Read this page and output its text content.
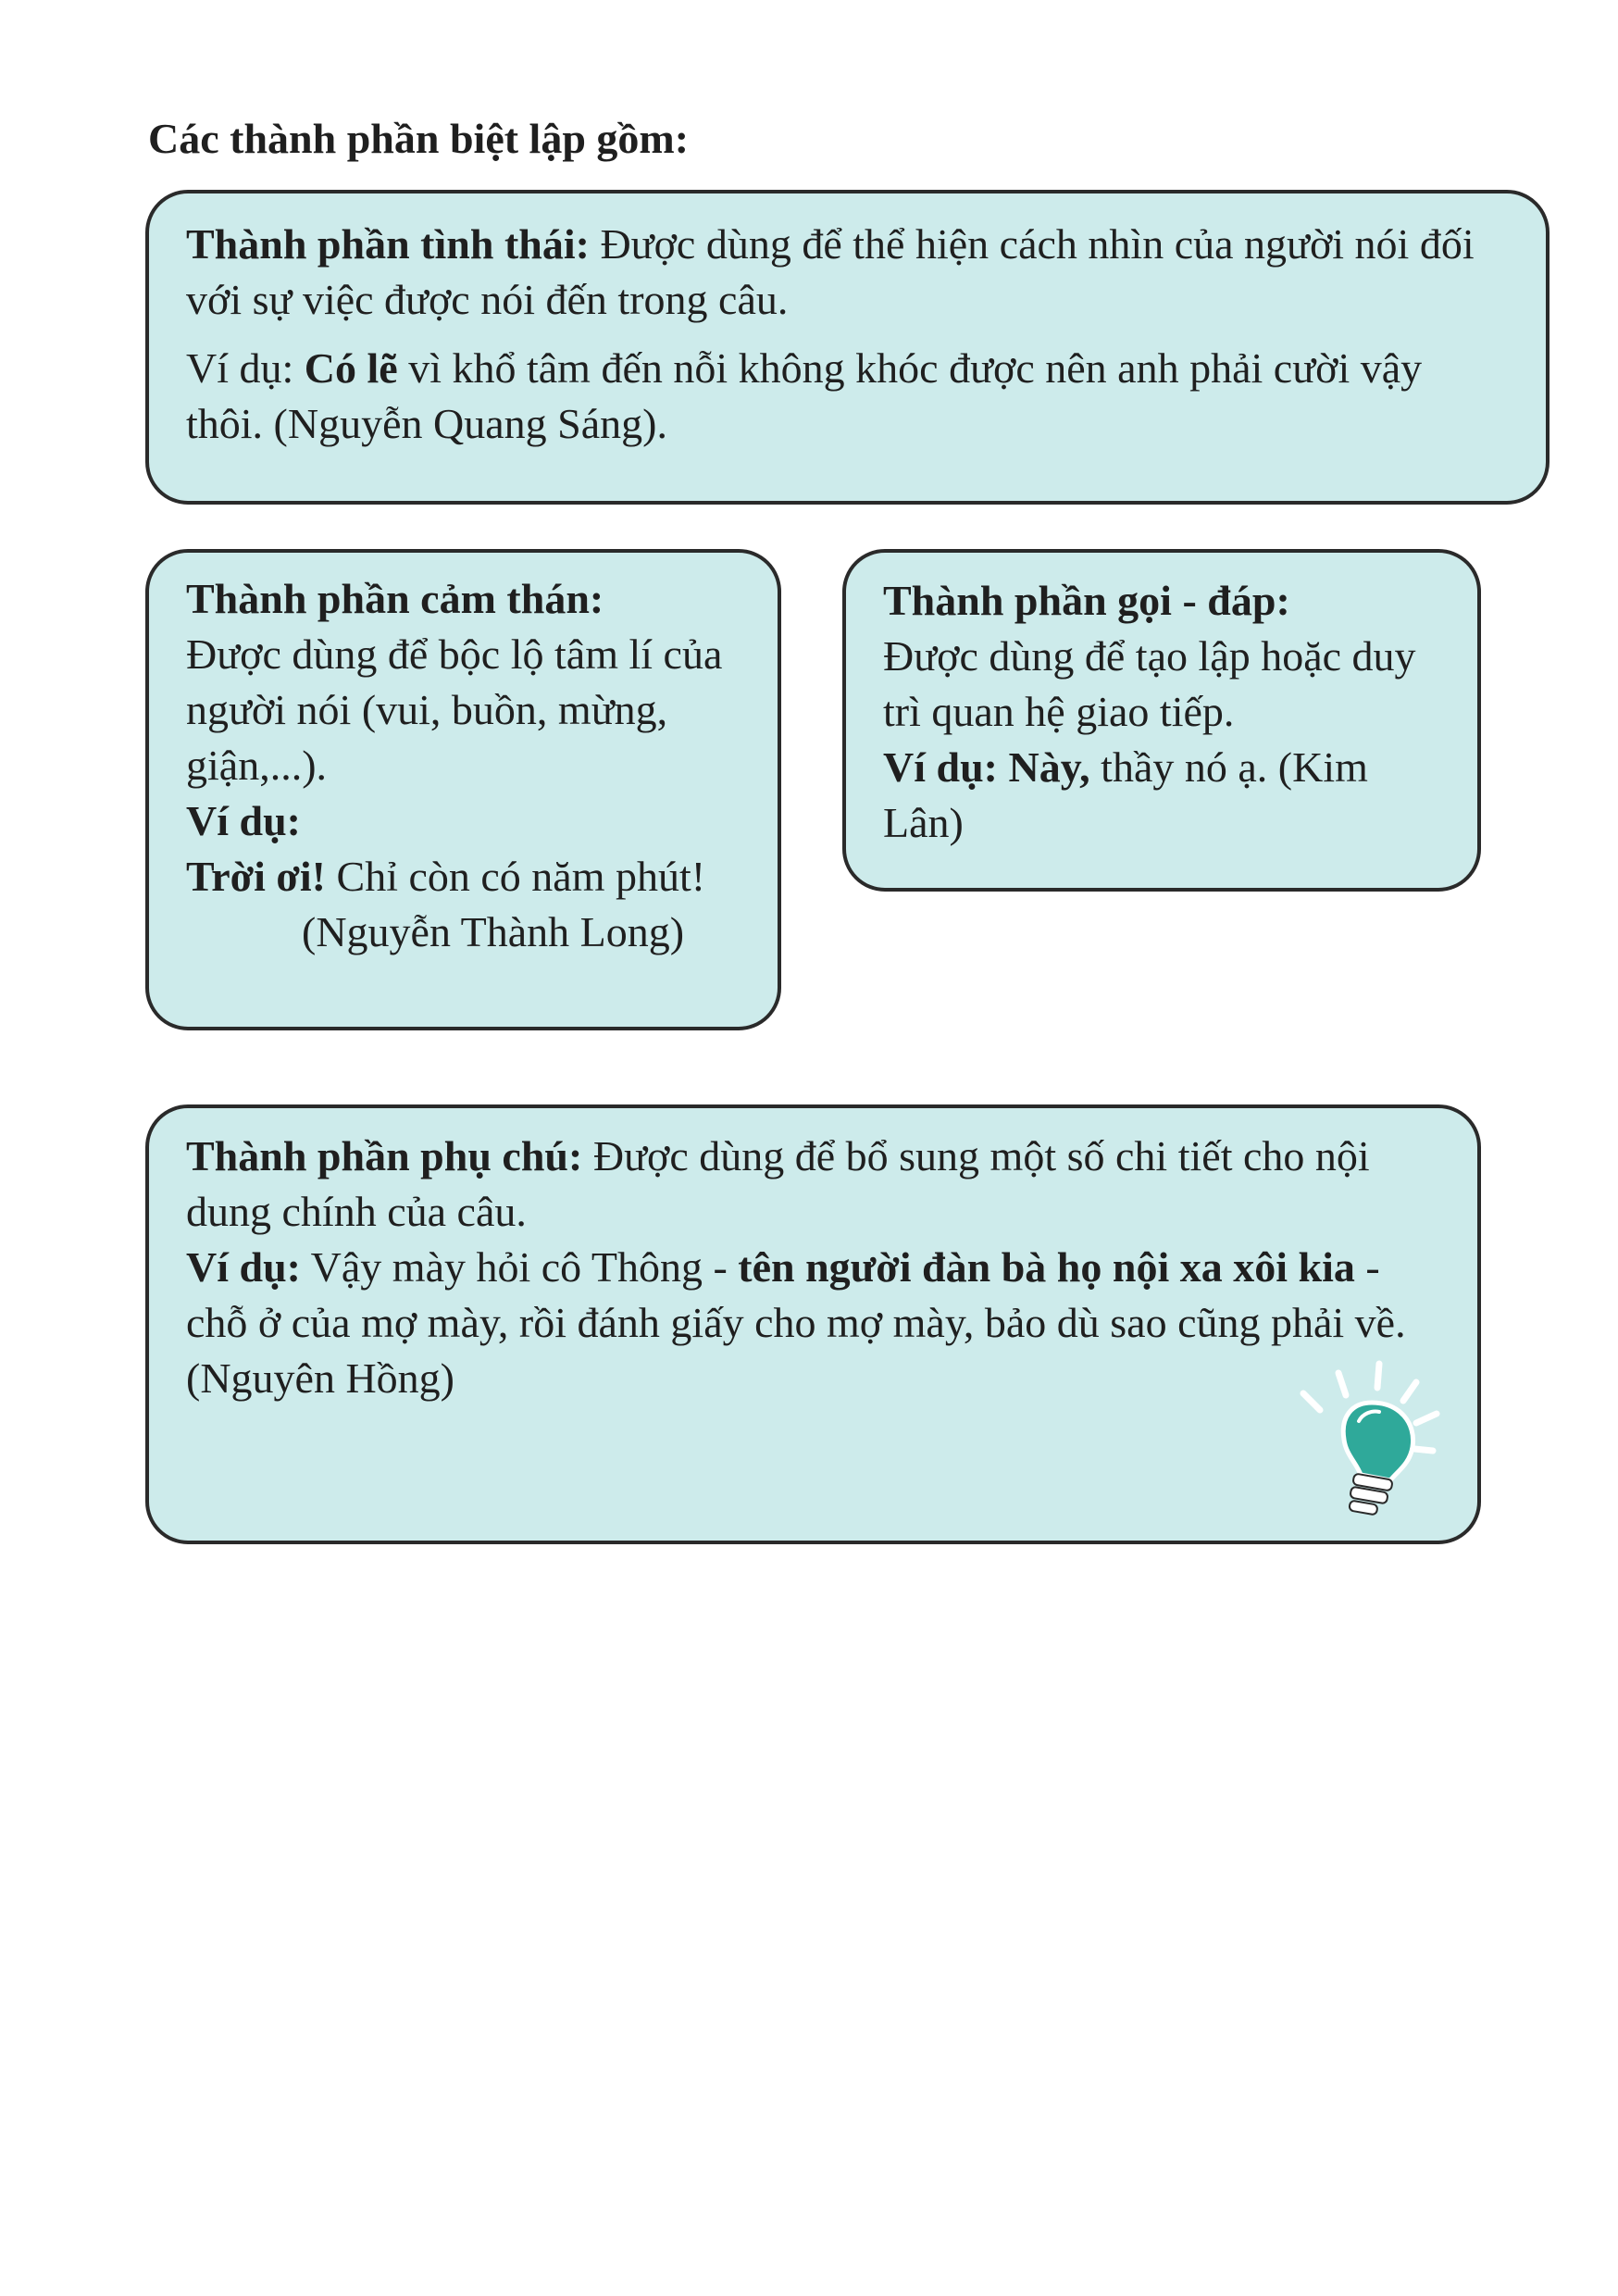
Các thành phần biệt lập gồm:

Thành phần tình thái: Được dùng để thể hiện cách nhìn của người nói đối với sự việc được nói đến trong câu.

Ví dụ: Có lẽ vì khổ tâm đến nỗi không khóc được nên anh phải cười vậy thôi. (Nguyễn Quang Sáng).

Thành phần cảm thán:

Được dùng để bộc lộ tâm lí của người nói (vui, buồn, mừng, giận,...).

Ví dụ:

Trời ơi! Chỉ còn có năm phút!

(Nguyễn Thành Long)

Thành phần gọi - đáp:

Được dùng để tạo lập hoặc duy trì quan hệ giao tiếp.

Ví dụ: Này, thầy nó ạ. (Kim Lân)

Thành phần phụ chú: Được dùng để bổ sung một số chi tiết cho nội dung chính của câu.

Ví dụ: Vậy mày hỏi cô Thông - tên người đàn bà họ nội xa xôi kia - chỗ ở của mợ mày, rồi đánh giấy cho mợ mày, bảo dù sao cũng phải về. (Nguyên Hồng)
